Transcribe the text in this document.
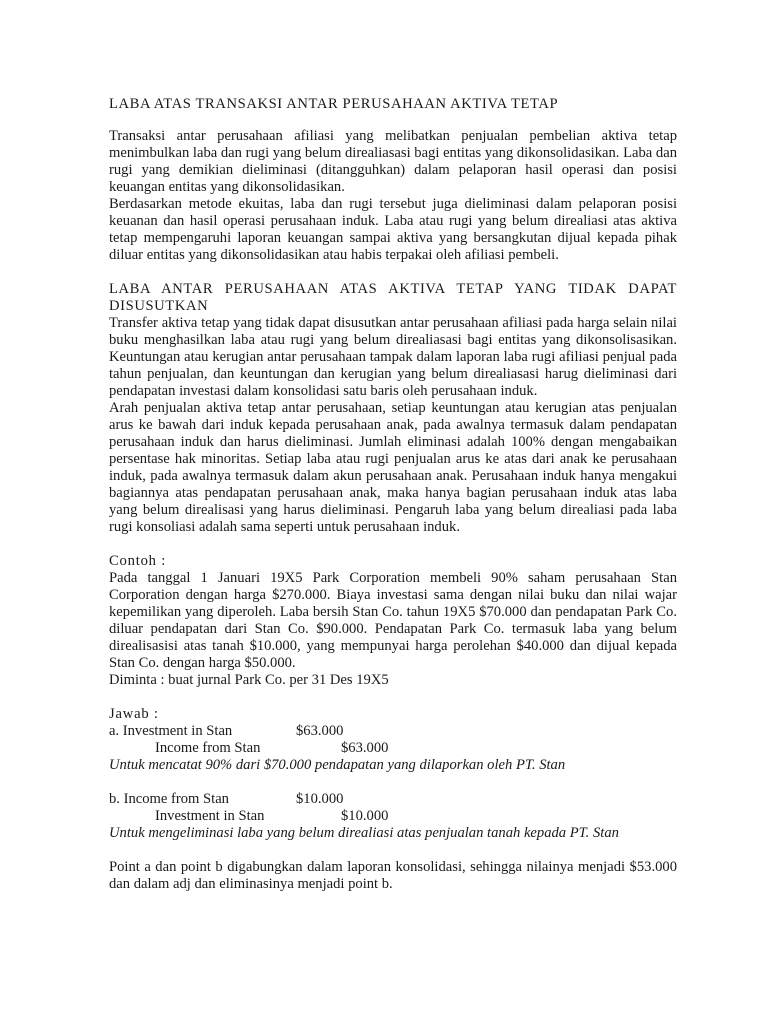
LABA ATAS TRANSAKSI ANTAR PERUSAHAAN AKTIVA TETAP

Transaksi antar perusahaan afiliasi yang melibatkan penjualan pembelian aktiva tetap menimbulkan laba dan rugi yang belum direaliasasi bagi entitas yang dikonsolidasikan. Laba dan rugi yang demikian dieliminasi (ditangguhkan) dalam pelaporan hasil operasi dan posisi keuangan entitas yang dikonsolidasikan.

Berdasarkan metode ekuitas, laba dan rugi tersebut juga dieliminasi dalam pelaporan posisi keuanan dan hasil operasi perusahaan induk. Laba atau rugi yang belum direaliasi atas aktiva tetap mempengaruhi laporan keuangan sampai aktiva yang bersangkutan dijual kepada pihak diluar entitas yang dikonsolidasikan atau habis terpakai oleh afiliasi pembeli.

LABA ANTAR PERUSAHAAN ATAS AKTIVA TETAP YANG TIDAK DAPAT DISUSUTKAN

Transfer aktiva tetap yang tidak dapat disusutkan antar perusahaan afiliasi pada harga selain nilai buku menghasilkan laba atau rugi yang belum direaliasasi bagi entitas yang dikonsolisasikan. Keuntungan atau kerugian antar perusahaan tampak dalam laporan laba rugi afiliasi penjual pada tahun penjualan, dan keuntungan dan kerugian yang belum direaliasasi harug dieliminasi dari pendapatan investasi dalam konsolidasi satu baris oleh perusahaan induk.

Arah penjualan aktiva tetap antar perusahaan, setiap keuntungan atau kerugian atas penjualan arus ke bawah dari induk kepada perusahaan anak, pada awalnya termasuk dalam pendapatan perusahaan induk dan harus dieliminasi. Jumlah eliminasi adalah 100% dengan mengabaikan persentase hak minoritas. Setiap laba atau rugi penjualan arus ke atas dari anak ke perusahaan induk, pada awalnya termasuk dalam akun perusahaan anak. Perusahaan induk hanya mengakui bagiannya atas pendapatan perusahaan anak, maka hanya bagian perusahaan induk atas laba yang belum direalisasi yang harus dieliminasi. Pengaruh laba yang belum direaliasi pada laba rugi konsoliasi adalah sama seperti untuk perusahaan induk.

Contoh :

Pada tanggal 1 Januari 19X5 Park Corporation membeli 90% saham perusahaan Stan Corporation dengan harga $270.000. Biaya investasi sama dengan nilai buku dan nilai wajar kepemilikan yang diperoleh. Laba bersih Stan Co. tahun 19X5 $70.000 dan pendapatan Park Co. diluar pendapatan dari Stan Co. $90.000. Pendapatan Park Co. termasuk laba yang belum direalisasisi atas tanah $10.000, yang mempunyai harga perolehan $40.000 dan dijual kepada Stan Co. dengan harga $50.000.

Diminta : buat jurnal Park Co. per 31 Des 19X5

Jawab :

a. Investment in Stan	$63.000
Income from Stan	$63.000

Untuk mencatat 90% dari $70.000 pendapatan yang dilaporkan oleh PT. Stan

b. Income from Stan	$10.000
Investment in Stan	$10.000

Untuk mengeliminasi laba yang belum direaliasi atas penjualan tanah kepada PT. Stan

Point a dan point b digabungkan dalam laporan konsolidasi, sehingga nilainya menjadi $53.000 dan dalam adj dan eliminasinya menjadi point b.
